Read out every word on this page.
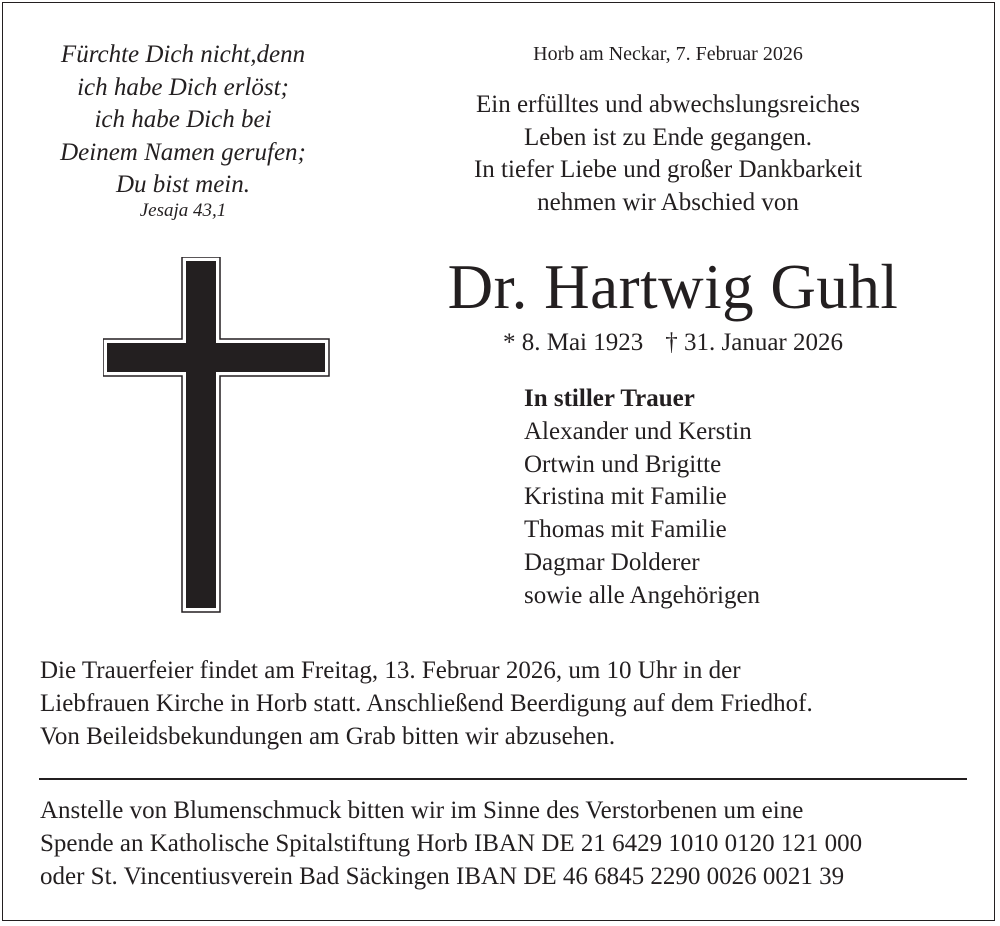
Fürchte Dich nicht,denn
ich habe Dich erlöst;
ich habe Dich bei
Deinem Namen gerufen;
Du bist mein.
Jesaja 43,1
Horb am Neckar, 7. Februar 2026
Ein erfülltes und abwechslungsreiches
Leben ist zu Ende gegangen.
In tiefer Liebe und großer Dankbarkeit
nehmen wir Abschied von
Dr. Hartwig Guhl
* 8. Mai 1923 † 31. Januar 2026
In stiller Trauer
Alexander und Kerstin
Ortwin und Brigitte
Kristina mit Familie
Thomas mit Familie
Dagmar Dolderer
sowie alle Angehörigen
Die Trauerfeier findet am Freitag, 13. Februar 2026, um 10 Uhr in der
Liebfrauen Kirche in Horb statt. Anschließend Beerdigung auf dem Friedhof.
Von Beileidsbekundungen am Grab bitten wir abzusehen.
Anstelle von Blumenschmuck bitten wir im Sinne des Verstorbenen um eine
Spende an Katholische Spitalstiftung Horb IBAN DE 21 6429 1010 0120 121 000
oder St. Vincentiusverein Bad Säckingen IBAN DE 46 6845 2290 0026 0021 39
